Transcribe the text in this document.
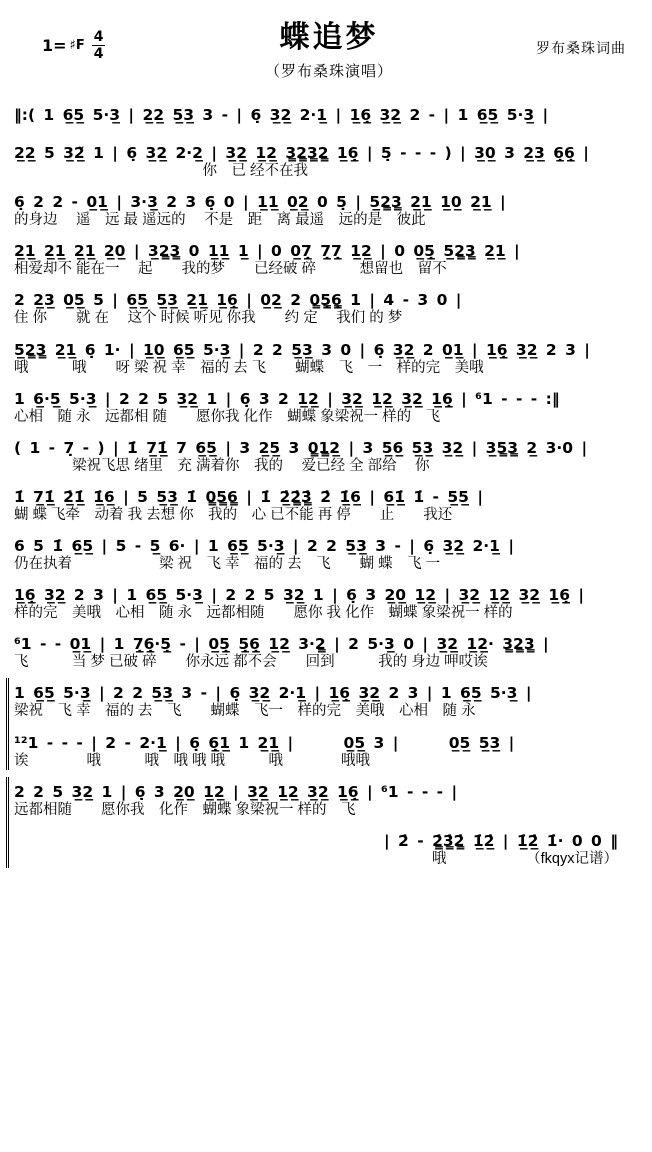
1= ♯F $\frac{4}{4}$	蝶追梦
（罗布桑珠演唱）
罗布桑珠词曲
‖:( 1 6̲5̲ 5·3̲ | 2̲2̲ 5̲3̲ 3 - | 6̣ 3̲2̲ 2·1̲ | 1̲6̲̣ 3̲2̲ 2 - | 1 6̲5̲ 5·3̲ |
2̲2̲ 5 3̲2̲̃ 1 | 6̣ 3̲2̲ 2·2̲ | 3̲2̲ 1̲2̲ 3̳2̳3̳2̳ 1̲6̲̣ | 5̣ - - - ) | 3̲0̲ 3 2̲3̲ 6̲̣6̲̣ |
　　　　　　　　　　　　　你　已 经不在我
6̣ 2 2 - 0̲1̲ | 3·3̲ 2 3 6̣ 0 | 1̲1̲ 0̲2̲ 0 5̣ | 5̲2̳3̳ 2̲1̲ 1̲0̲ 2̲1̲ |
的身边　 遥　远 最 遥远的　 不是　距　离 最遥　远的是　彼此
2̲1̲ 2̲1̲ 2̲1̲ 2̲0̲ | 3̲2̳3̳ 0 1̲1̲ 1̲ | 0 0̲7̲̣ 7̲̣7̲̣ 1̲2̲ | 0 0̲5̲̣ 5̲2̳3̳ 2̲1̲ |
相爱却不 能在一　 起　　我的梦　　已经破 碎　　　想留也　留不
2 2̲3̲ 0̲5̲ 5 | 6̲5̲ 5̲3̲ 2̲1̲ 1̲6̲̣ | 0̲2̲ 2 0̳5̳̣6̳̣ 1 | 4 - 3 0 |
住 你　　就 在　 这个 时候 听见 你我　　约 定　 我们 的 梦
5̲2̳3̳ 2̲1̲ 6̣ 1· | 1̲0̲ 6̲5̲ 5·3̲ | 2 2 5̲3̲ 3 0 | 6̣ 3̲2̲ 2 0̲1̲ | 1̲6̲̣ 3̲2̲ 2 3 |
哦　　　哦　　呀 梁 祝 幸　福的 去 飞　　蝴蝶　飞　一　样的完　美哦
1 6̲·5̲ 5·3̲ | 2 2 5 3̲2̲ 1 | 6̣ 3 2 1̲2̲ | 3̲2̲ 1̲2̲ 3̲2̲ 1̲6̲̣ | ⁶1 - - - :‖
心相　随 永　远都相 随　　愿你我 化作　蝴蝶 象梁祝一 样的　飞
( 1 - 7̣ - ) | 1̇ 7̲1̲̇ 7 6̲5̲ | 3 2̲5̲ 3 0̳1̳2̲ | 3 5̲6̲ 5̲3̲ 3̲2̲ | 3̲5̳3̳ 2̲ 3·0 |
　　　　梁祝飞思 绪里　充 满着你　我的　 爱已经 全 部给　 你
1̇ 7̲1̲̇ 2̲̇1̲̇ 1̲̇6̲ | 5 5̲3̲ 1̇ 0̳5̳6̳ | 1̇ 2̲̇2̳̇3̳̇ 2̇ 1̲̇6̲ | 6̲1̲̇ 1̇ - 5̲5̲ |
蝴 蝶 飞牵　动着 我 去想 你　我的　心 已不能 再 停　　止　　我还
6 5 1̇ 6̲5̲ | 5 - 5̲ 6· | 1 6̲5̲ 5·3̲ | 2 2 5̲3̲ 3 - | 6̣ 3̲2̲ 2·1̲ |
仍在执着　　　　　　梁 祝　飞 幸　福的 去　飞　　蝴 蝶　飞 一
1̲6̲̣ 3̲2̲ 2 3 | 1 6̲5̲ 5·3̲ | 2 2 5 3̲2̲ 1 | 6̣ 3 2̲0̲ 1̲2̲ | 3̲2̲ 1̲2̲ 3̲2̲ 1̲6̲̣ |
样的完　美哦　心相　随 永　远都相随　　愿你 我 化作　蝴蝶 象梁祝一 样的
⁶1 - - 0̲1̲ | 1 7̲̣6̲̣·5̲̣ - | 0̲5̲̣ 5̲̣6̲̣ 1̲2̲ 3·2̳ | 2 5·3̲ 0 | 3̲2̲ 1̲2̲· 3̳2̳3̳ |
飞　　　当 梦 已破 碎　　你永远 都不会　　回到　　　我的 身边 呷哎诶
1 6̲5̲ 5·3̲ | 2 2 5̲3̲ 3 - | 6̣ 3̲2̲ 2·1̲ | 1̲6̲̣ 3̲2̲ 2 3 | 1 6̲5̲ 5·3̲ |
梁祝　飞 幸　福的 去　飞　　蝴蝶　飞一　样的完　美哦　心相　随 永
¹²1 - - - | 2 - 2·1̲ | 6̣ 6̲̣1̲ 1 2̲1̲ |      0̲5̲ 3 |      0̲5̲ 5̲3̲ |
诶　　　　哦　　　哦　哦 哦 哦　　　哦　　　　哦哦
2 2 5 3̲2̲ 1 | 6̣ 3 2̲0̲ 1̲2̲ | 3̲2̲ 1̲2̲ 3̲2̲ 1̲6̲̣ | ⁶1 - - - |
远都相随　　愿你我　化作　蝴蝶 象梁祝一 样的　飞
| 2̇ - 2̳̇3̳̇2̳̇ 1̲̇2̲̇ | 1̲̇2̲̇ 1̇· 0 0 ‖
哦　　　　　　（fkqyx记谱）
